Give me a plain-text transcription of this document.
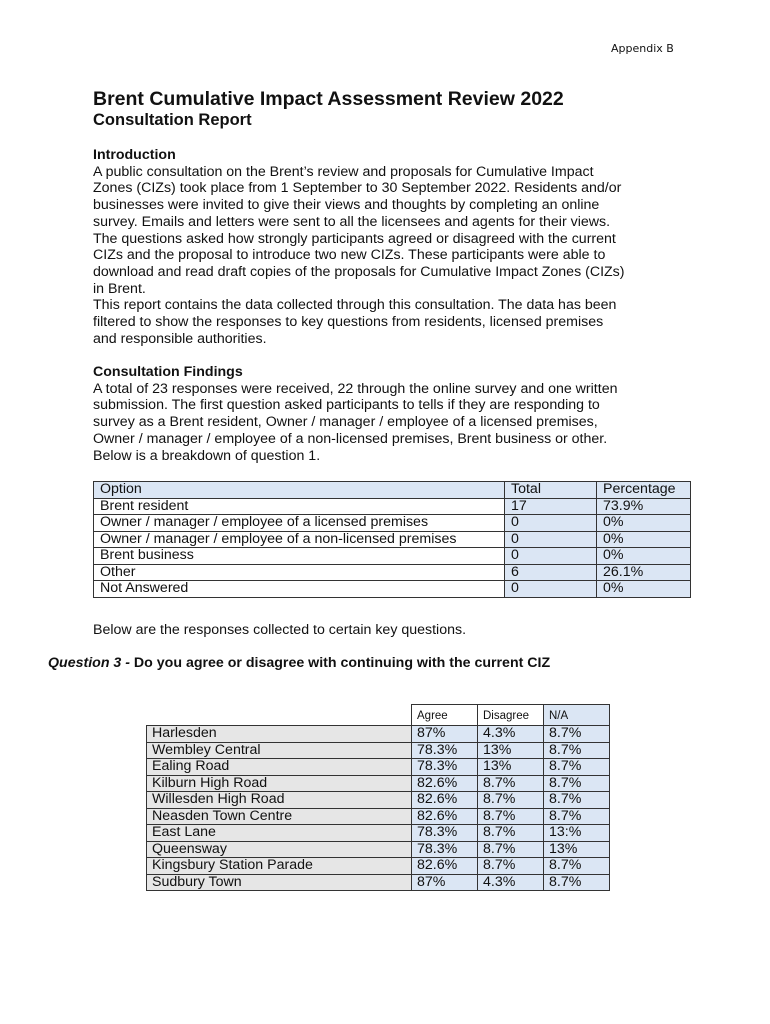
Appendix B
Brent Cumulative Impact Assessment Review 2022
Consultation Report
Introduction

A public consultation on the Brent’s review and proposals for Cumulative Impact
Zones (CIZs) took place from 1 September to 30 September 2022. Residents and/or
businesses were invited to give their views and thoughts by completing an online
survey. Emails and letters were sent to all the licensees and agents for their views.
The questions asked how strongly participants agreed or disagreed with the current
CIZs and the proposal to introduce two new CIZs. These participants were able to
download and read draft copies of the proposals for Cumulative Impact Zones (CIZs)
in Brent.

This report contains the data collected through this consultation. The data has been
filtered to show the responses to key questions from residents, licensed premises
and responsible authorities.

Consultation Findings

A total of 23 responses were received, 22 through the online survey and one written
submission. The first question asked participants to tells if they are responding to
survey as a Brent resident, Owner / manager / employee of a licensed premises,
Owner / manager / employee of a non-licensed premises, Brent business or other.
Below is a breakdown of question 1.

Option	Total	Percentage
Brent resident	17	73.9%
Owner / manager / employee of a licensed premises	0	0%
Owner / manager / employee of a non-licensed premises	0	0%
Brent business	0	0%
Other	6	26.1%
Not Answered	0	0%
Below are the responses collected to certain key questions.
Question 3 - Do you agree or disagree with continuing with the current CIZ
	Agree	Disagree	N/A
Harlesden	87%	4.3%	8.7%
Wembley Central	78.3%	13%	8.7%
Ealing Road	78.3%	13%	8.7%
Kilburn High Road	82.6%	8.7%	8.7%
Willesden High Road	82.6%	8.7%	8.7%
Neasden Town Centre	82.6%	8.7%	8.7%
East Lane	78.3%	8.7%	13:%
Queensway	78.3%	8.7%	13%
Kingsbury Station Parade	82.6%	8.7%	8.7%
Sudbury Town	87%	4.3%	8.7%
